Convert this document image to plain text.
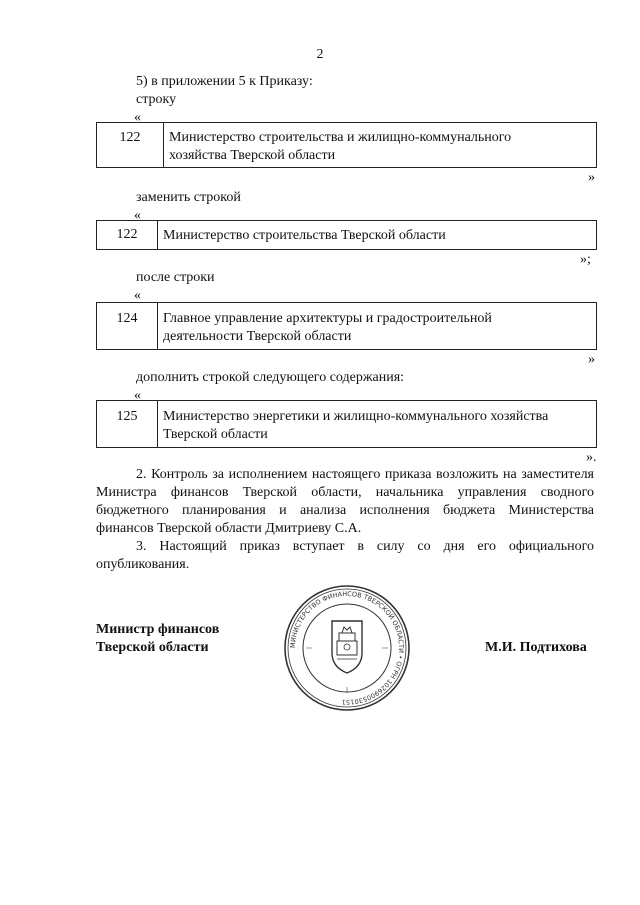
2
5) в приложении 5 к Приказу:
строку
«
122	Министерство строительства и жилищно-коммунального
хозяйства Тверской области
»
заменить строкой
«
122	Министерство строительства Тверской области
»;
после строки
«
124	Главное управление архитектуры и градостроительной
деятельности Тверской области
»
дополнить строкой следующего содержания:
«
125	Министерство энергетики и жилищно-коммунального хозяйства
Тверской области
».
2. Контроль за исполнением настоящего приказа возложить на заместителя Министра финансов Тверской области, начальника управления сводного бюджетного планирования и анализа исполнения бюджета Министерства финансов Тверской области Дмитриеву С.А.
3. Настоящий приказ вступает в силу со дня его официального опубликования.
Министр финансов
Тверской области	М.И. Подтихова
МИНИСТЕРСТВО ФИНАНСОВ ТВЕРСКОЙ ОБЛАСТИ • ОГРН 1026900530151
